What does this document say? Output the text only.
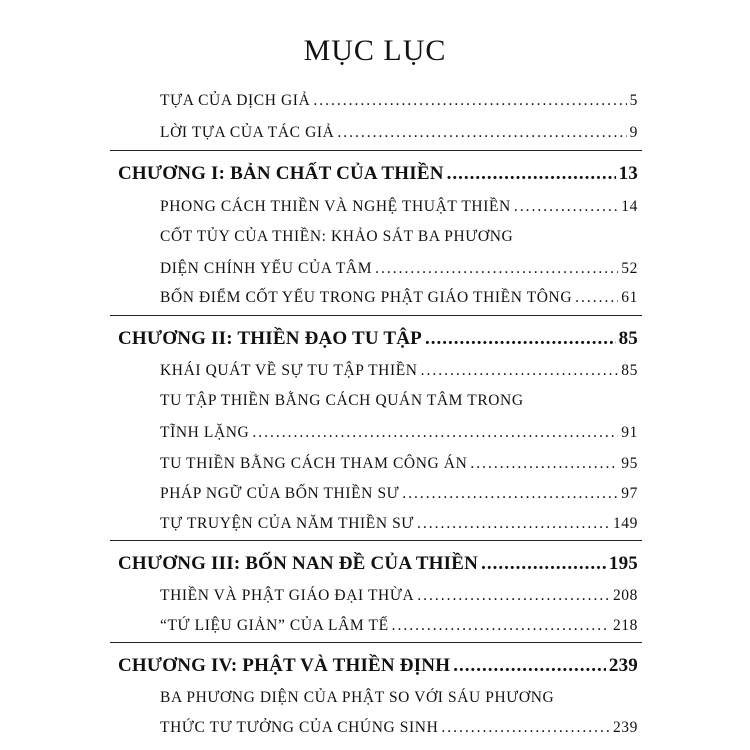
MỤC LỤC
TỰA CỦA DỊCH GIẢ .....	5
LỜI TỰA CỦA TÁC GIẢ .....	9
CHƯƠNG I: BẢN CHẤT CỦA THIỀN .....	13
PHONG CÁCH THIỀN VÀ NGHỆ THUẬT THIỀN .....	14
CỐT TỦY CỦA THIỀN: KHẢO SÁT BA PHƯƠNG
DIỆN CHÍNH YẾU CỦA TÂM .....	52
BỐN ĐIỂM CỐT YẾU TRONG PHẬT GIÁO THIỀN TÔNG .....	61
CHƯƠNG II: THIỀN ĐẠO TU TẬP .....	85
KHÁI QUÁT VỀ SỰ TU TẬP THIỀN .....	85
TU TẬP THIỀN BẰNG CÁCH QUÁN TÂM TRONG
TĨNH LẶNG .....	91
TU THIỀN BẰNG CÁCH THAM CÔNG ÁN .....	95
PHÁP NGỮ CỦA BỐN THIỀN SƯ .....	97
TỰ TRUYỆN CỦA NĂM THIỀN SƯ .....	149
CHƯƠNG III: BỐN NAN ĐỀ CỦA THIỀN .....	195
THIỀN VÀ PHẬT GIÁO ĐẠI THỪA .....	208
“TỨ LIỆU GIẢN” CỦA LÂM TẾ .....	218
CHƯƠNG IV: PHẬT VÀ THIỀN ĐỊNH .....	239
BA PHƯƠNG DIỆN CỦA PHẬT SO VỚI SÁU PHƯƠNG
THỨC TƯ TƯỞNG CỦA CHÚNG SINH .....	239
